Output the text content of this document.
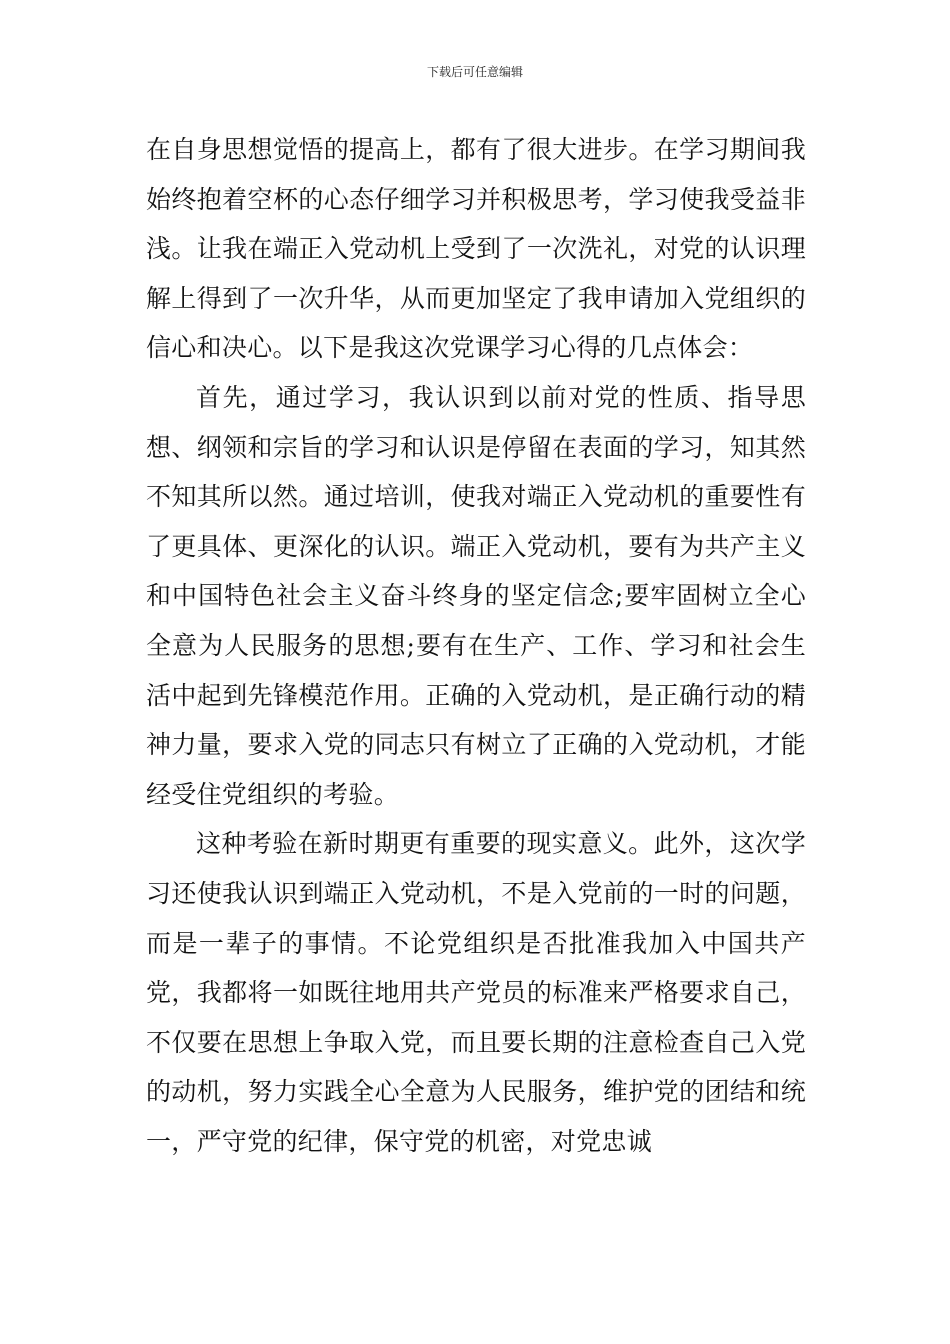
下载后可任意编辑

在自身思想觉悟的提高上，都有了很大进步。在学习期间我始终抱着空杯的心态仔细学习并积极思考，学习使我受益非浅。让我在端正入党动机上受到了一次洗礼，对党的认识理解上得到了一次升华，从而更加坚定了我申请加入党组织的信心和决心。以下是我这次党课学习心得的几点体会：

首先，通过学习，我认识到以前对党的性质、指导思想、纲领和宗旨的学习和认识是停留在表面的学习，知其然不知其所以然。通过培训，使我对端正入党动机的重要性有了更具体、更深化的认识。端正入党动机，要有为共产主义和中国特色社会主义奋斗终身的坚定信念;要牢固树立全心全意为人民服务的思想;要有在生产、工作、学习和社会生活中起到先锋模范作用。正确的入党动机，是正确行动的精神力量，要求入党的同志只有树立了正确的入党动机，才能经受住党组织的考验。

这种考验在新时期更有重要的现实意义。此外，这次学习还使我认识到端正入党动机，不是入党前的一时的问题，而是一辈子的事情。不论党组织是否批准我加入中国共产党，我都将一如既往地用共产党员的标准来严格要求自己，不仅要在思想上争取入党，而且要长期的注意检查自己入党的动机，努力实践全心全意为人民服务，维护党的团结和统一，严守党的纪律，保守党的机密，对党忠诚
